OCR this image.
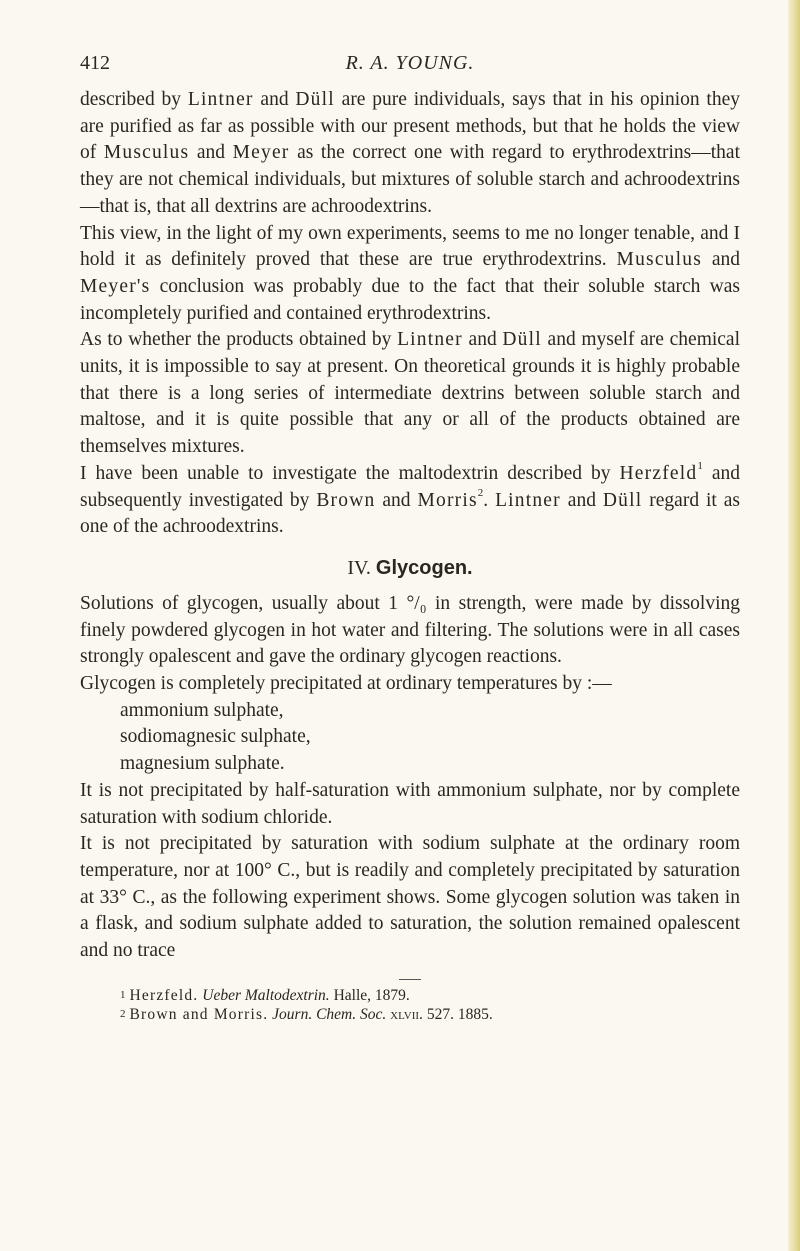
412	R. A. YOUNG.

described by Lintner and Düll are pure individuals, says that in his opinion they are purified as far as possible with our present methods, but that he holds the view of Musculus and Meyer as the correct one with regard to erythrodextrins—that they are not chemical individuals, but mixtures of soluble starch and achroodextrins—that is, that all dextrins are achroodextrins.

This view, in the light of my own experiments, seems to me no longer tenable, and I hold it as definitely proved that these are true erythrodextrins. Musculus and Meyer's conclusion was probably due to the fact that their soluble starch was incompletely purified and contained erythrodextrins.

As to whether the products obtained by Lintner and Düll and myself are chemical units, it is impossible to say at present. On theoretical grounds it is highly probable that there is a long series of intermediate dextrins between soluble starch and maltose, and it is quite possible that any or all of the products obtained are themselves mixtures.

I have been unable to investigate the maltodextrin described by Herzfeld$^1$ and subsequently investigated by Brown and Morris$^2$. Lintner and Düll regard it as one of the achroodextrins.

IV. Glycogen.

Solutions of glycogen, usually about 1 °/₀ in strength, were made by dissolving finely powdered glycogen in hot water and filtering. The solutions were in all cases strongly opalescent and gave the ordinary glycogen reactions.

Glycogen is completely precipitated at ordinary temperatures by :—

ammonium sulphate,
sodiomagnesic sulphate,
magnesium sulphate.

It is not precipitated by half-saturation with ammonium sulphate, nor by complete saturation with sodium chloride.

It is not precipitated by saturation with sodium sulphate at the ordinary room temperature, nor at 100° C., but is readily and completely precipitated by saturation at 33° C., as the following experiment shows. Some glycogen solution was taken in a flask, and sodium sulphate added to saturation, the solution remained opalescent and no trace

$^1$ Herzfeld. Ueber Maltodextrin. Halle, 1879.
$^2$ Brown and Morris. Journ. Chem. Soc. xlvii. 527. 1885.
